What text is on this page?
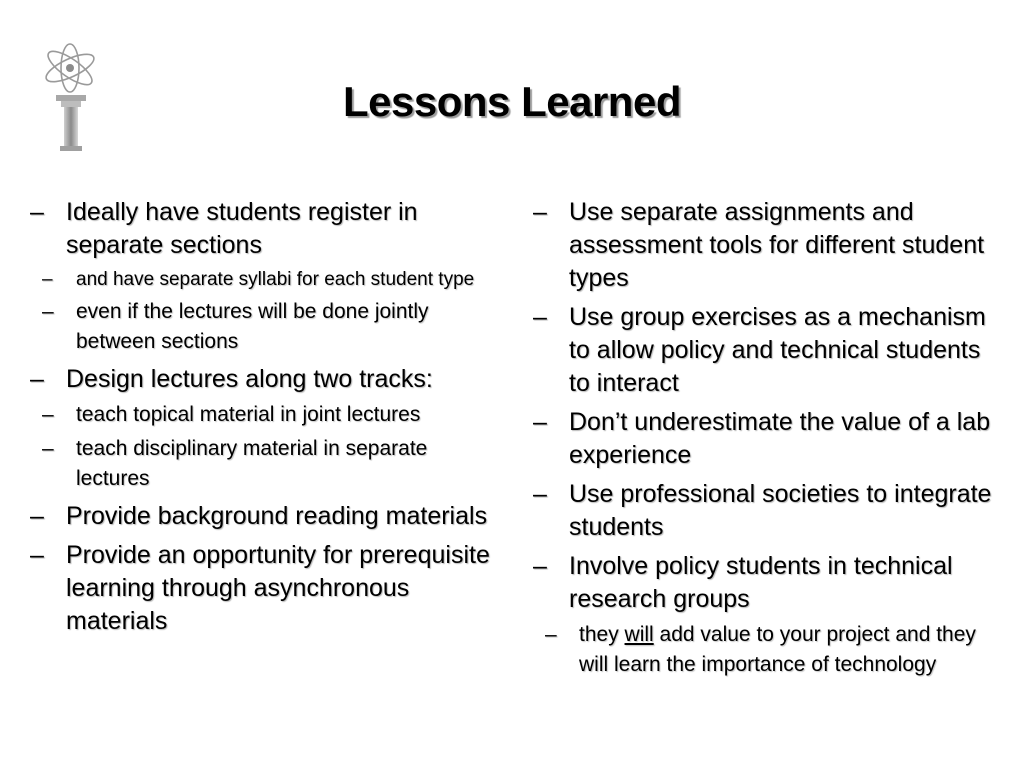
Lessons Learned
– Ideally have students register in separate sections
– and have separate syllabi for each student type
– even if the lectures will be done jointly between sections
– Design lectures along two tracks:
– teach topical material in joint lectures
– teach disciplinary material in separate lectures
– Provide background reading materials
– Provide an opportunity for prerequisite learning through asynchronous materials
– Use separate assignments and assessment tools for different student types
– Use group exercises as a mechanism to allow policy and technical students to interact
– Don’t underestimate the value of a lab experience
– Use professional societies to integrate students
– Involve policy students in technical research groups
– they will add value to your project and they will learn the importance of technology
